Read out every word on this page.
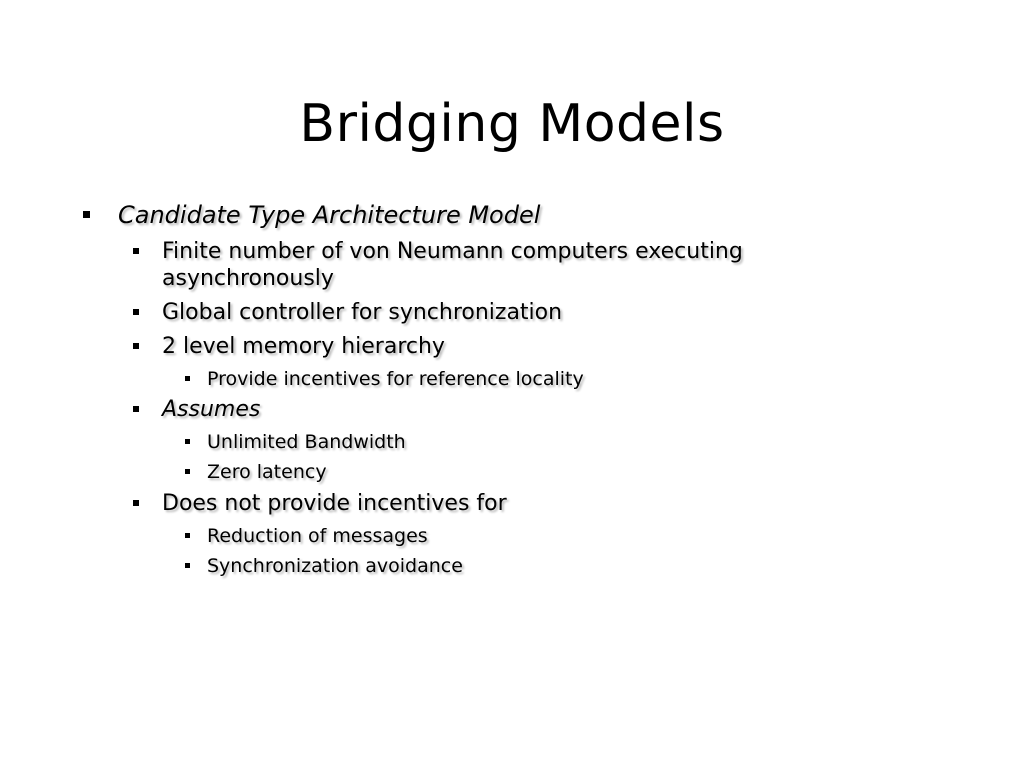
Bridging Models
Candidate Type Architecture Model
Finite number of von Neumann computers executing
asynchronously
Global controller for synchronization
2 level memory hierarchy
Provide incentives for reference locality
Assumes
Unlimited Bandwidth
Zero latency
Does not provide incentives for
Reduction of messages
Synchronization avoidance
